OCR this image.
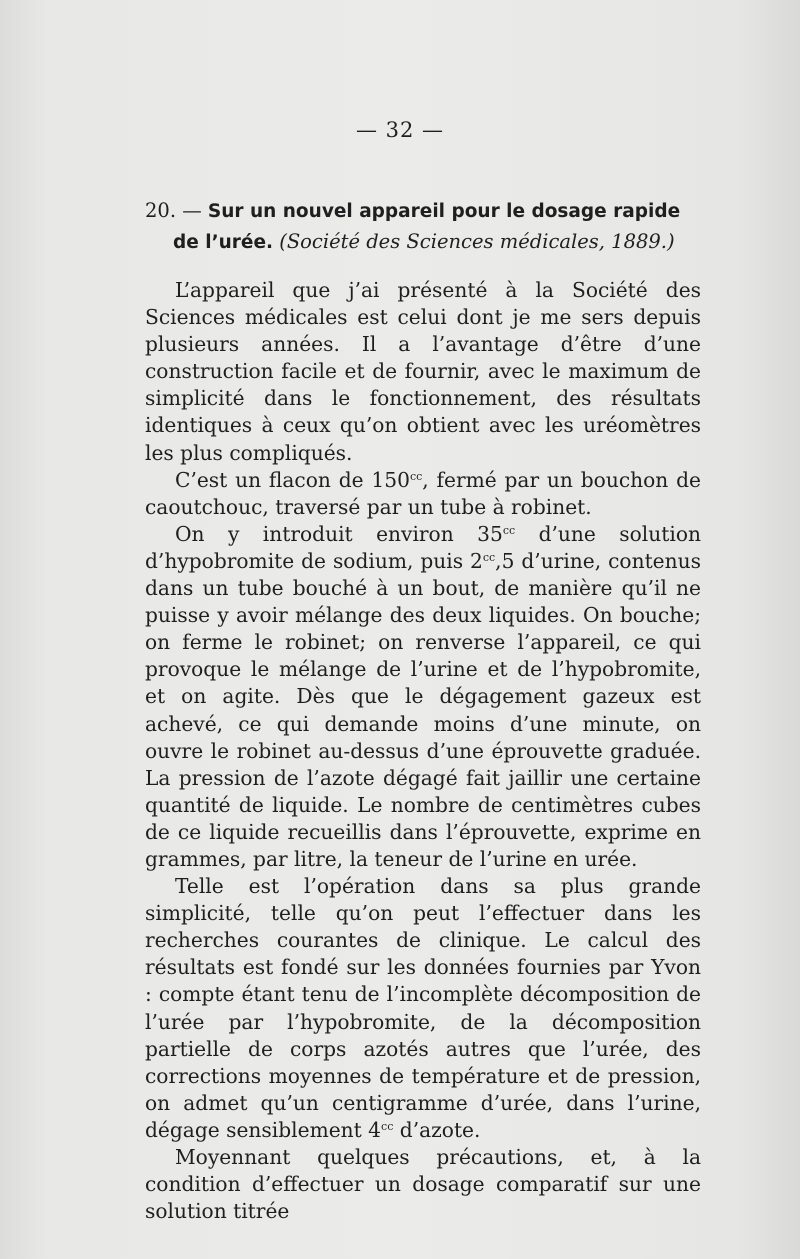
— 32 —
20. — Sur un nouvel appareil pour le dosage rapide
de l’urée. (Société des Sciences médicales, 1889.)

L’appareil que j’ai présenté à la Société des Sciences médicales est celui dont je me sers depuis plusieurs années. Il a l’avantage d’être d’une construction facile et de fournir, avec le maximum de simplicité dans le fonctionnement, des résultats identiques à ceux qu’on obtient avec les uréomètres les plus compliqués.

C’est un flacon de $150^{cc}$, fermé par un bouchon de caoutchouc, traversé par un tube à robinet.

On y introduit environ $35^{cc}$ d’une solution d’hypobromite de sodium, puis $2^{cc},5$ d’urine, contenus dans un tube bouché à un bout, de manière qu’il ne puisse y avoir mélange des deux liquides. On bouche; on ferme le robinet; on renverse l’appareil, ce qui provoque le mélange de l’urine et de l’hypobromite, et on agite. Dès que le dégagement gazeux est achevé, ce qui demande moins d’une minute, on ouvre le robinet au-dessus d’une éprouvette graduée. La pression de l’azote dégagé fait jaillir une certaine quantité de liquide. Le nombre de centimètres cubes de ce liquide recueillis dans l’éprouvette, exprime en grammes, par litre, la teneur de l’urine en urée.

Telle est l’opération dans sa plus grande simplicité, telle qu’on peut l’effectuer dans les recherches courantes de clinique. Le calcul des résultats est fondé sur les données fournies par Yvon : compte étant tenu de l’incomplète décomposition de l’urée par l’hypobromite, de la décomposition partielle de corps azotés autres que l’urée, des corrections moyennes de température et de pression, on admet qu’un centigramme d’urée, dans l’urine, dégage sensiblement $4^{cc}$ d’azote.

Moyennant quelques précautions, et, à la condition d’effectuer un dosage comparatif sur une solution titrée
